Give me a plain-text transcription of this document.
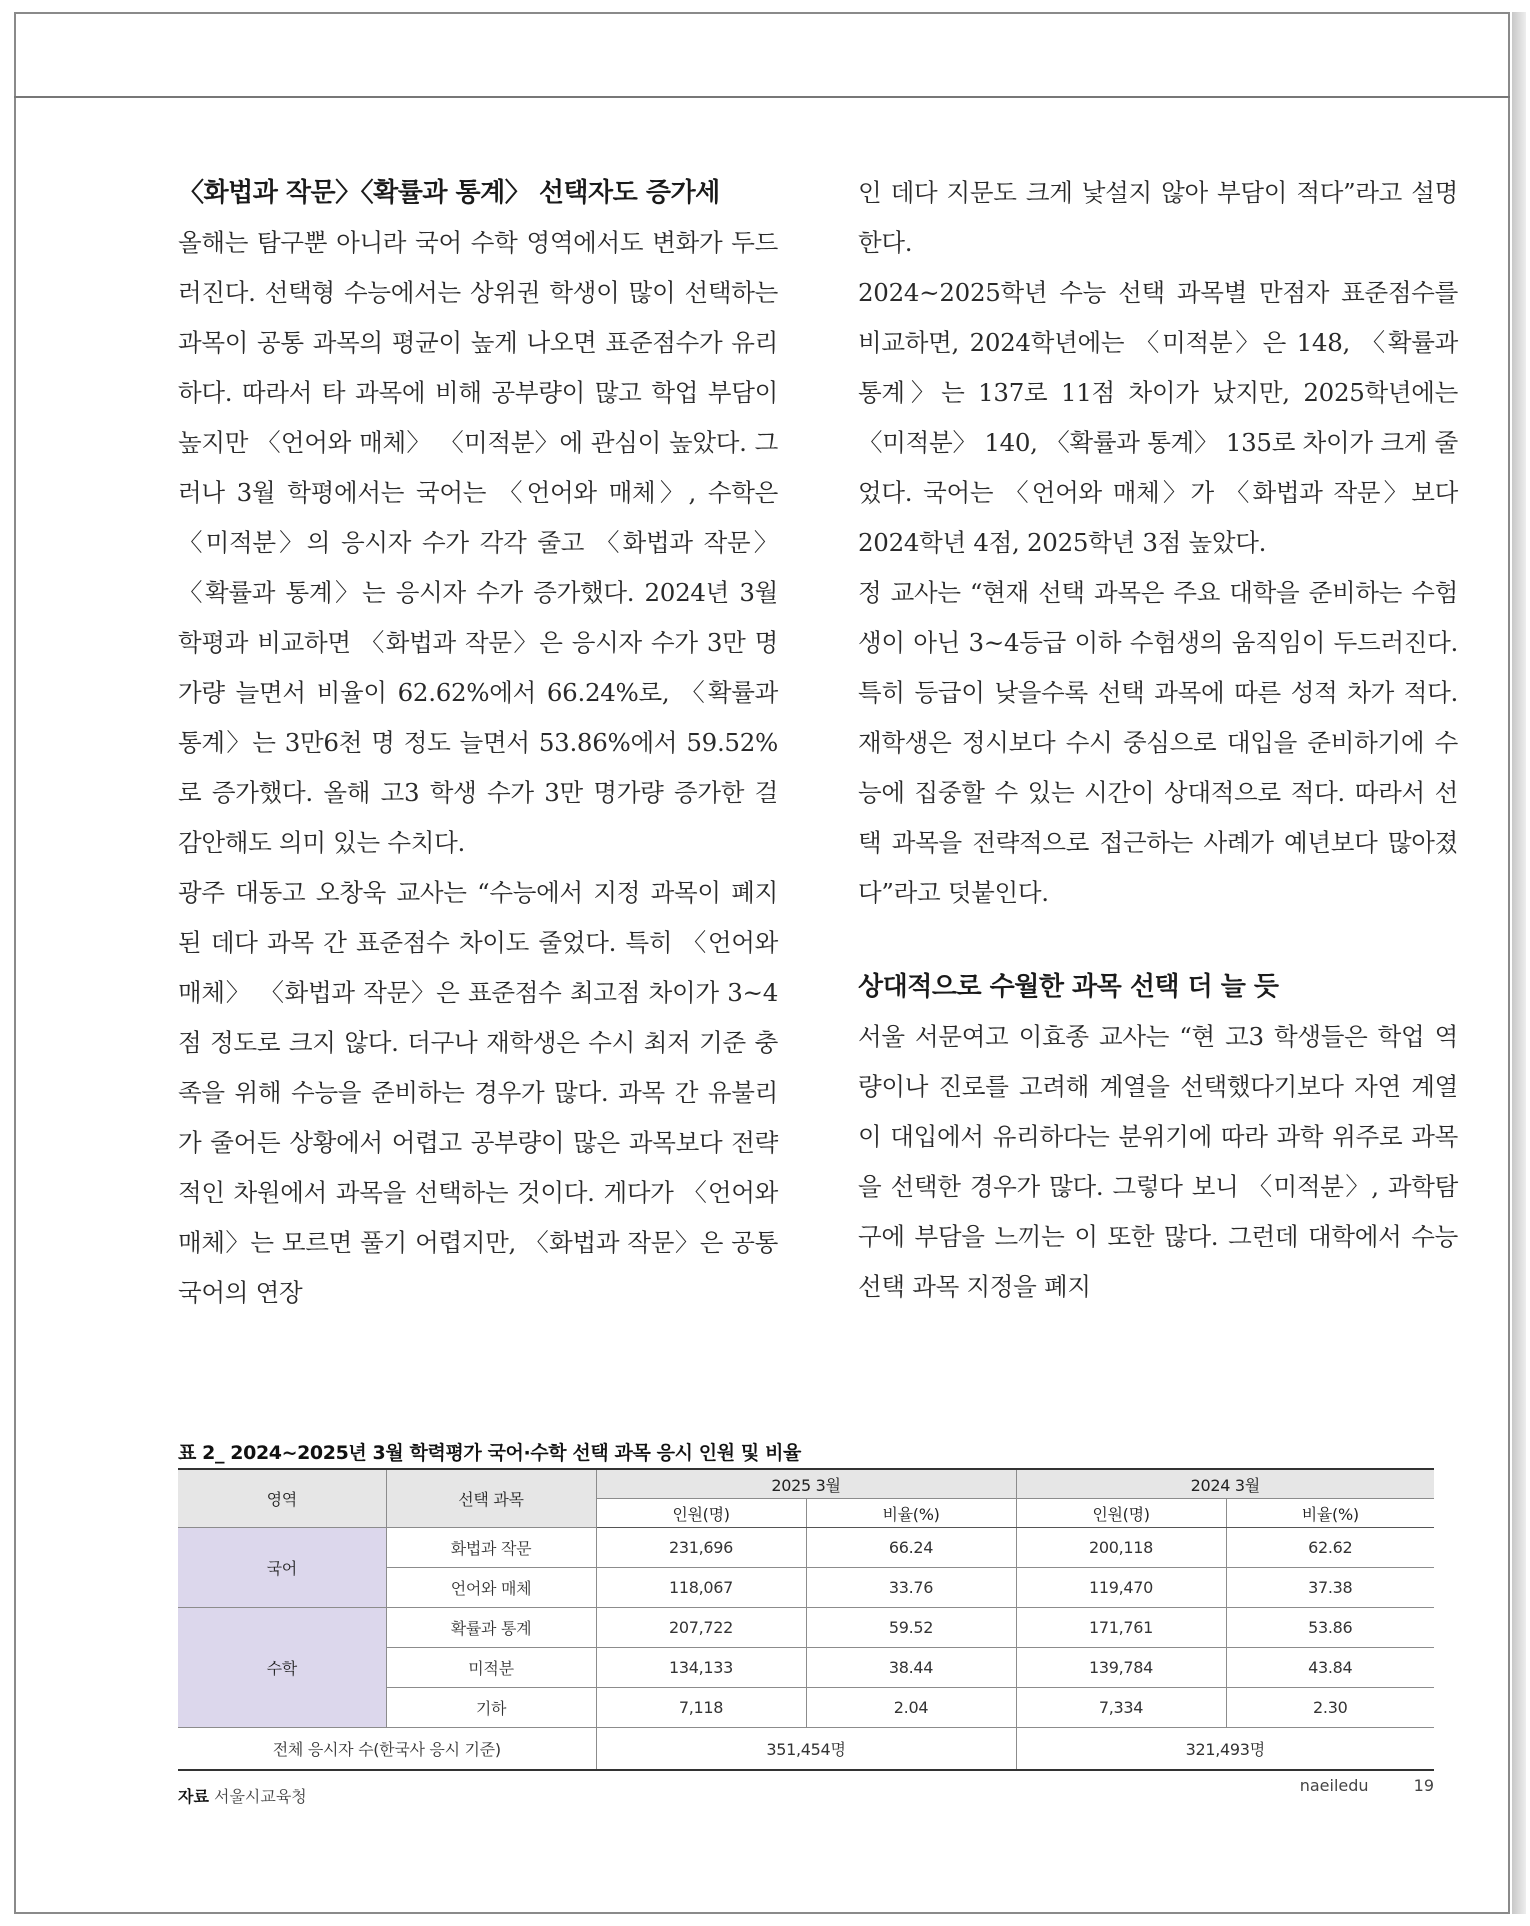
〈화법과 작문〉〈확률과 통계〉 선택자도 증가세

올해는 탐구뿐 아니라 국어 수학 영역에서도 변화가 두드러진다. 선택형 수능에서는 상위권 학생이 많이 선택하는 과목이 공통 과목의 평균이 높게 나오면 표준점수가 유리하다. 따라서 타 과목에 비해 공부량이 많고 학업 부담이 높지만 〈언어와 매체〉 〈미적분〉에 관심이 높았다. 그러나 3월 학평에서는 국어는 〈언어와 매체〉, 수학은 〈미적분〉의 응시자 수가 각각 줄고 〈화법과 작문〉 〈확률과 통계〉는 응시자 수가 증가했다. 2024년 3월 학평과 비교하면 〈화법과 작문〉은 응시자 수가 3만 명가량 늘면서 비율이 62.62%에서 66.24%로, 〈확률과 통계〉는 3만6천 명 정도 늘면서 53.86%에서 59.52%로 증가했다. 올해 고3 학생 수가 3만 명가량 증가한 걸 감안해도 의미 있는 수치다.

광주 대동고 오창욱 교사는 “수능에서 지정 과목이 폐지된 데다 과목 간 표준점수 차이도 줄었다. 특히 〈언어와 매체〉 〈화법과 작문〉은 표준점수 최고점 차이가 3~4점 정도로 크지 않다. 더구나 재학생은 수시 최저 기준 충족을 위해 수능을 준비하는 경우가 많다. 과목 간 유불리가 줄어든 상황에서 어렵고 공부량이 많은 과목보다 전략적인 차원에서 과목을 선택하는 것이다. 게다가 〈언어와 매체〉는 모르면 풀기 어렵지만, 〈화법과 작문〉은 공통 국어의 연장

인 데다 지문도 크게 낯설지 않아 부담이 적다”라고 설명한다.

2024~2025학년 수능 선택 과목별 만점자 표준점수를 비교하면, 2024학년에는 〈미적분〉은 148, 〈확률과 통계〉는 137로 11점 차이가 났지만, 2025학년에는 〈미적분〉 140, 〈확률과 통계〉 135로 차이가 크게 줄었다. 국어는 〈언어와 매체〉가 〈화법과 작문〉보다 2024학년 4점, 2025학년 3점 높았다.

정 교사는 “현재 선택 과목은 주요 대학을 준비하는 수험생이 아닌 3~4등급 이하 수험생의 움직임이 두드러진다. 특히 등급이 낮을수록 선택 과목에 따른 성적 차가 적다. 재학생은 정시보다 수시 중심으로 대입을 준비하기에 수능에 집중할 수 있는 시간이 상대적으로 적다. 따라서 선택 과목을 전략적으로 접근하는 사례가 예년보다 많아졌다”라고 덧붙인다.

상대적으로 수월한 과목 선택 더 늘 듯

서울 서문여고 이효종 교사는 “현 고3 학생들은 학업 역량이나 진로를 고려해 계열을 선택했다기보다 자연 계열이 대입에서 유리하다는 분위기에 따라 과학 위주로 과목을 선택한 경우가 많다. 그렇다 보니 〈미적분〉, 과학탐구에 부담을 느끼는 이 또한 많다. 그런데 대학에서 수능 선택 과목 지정을 폐지

표 2_ 2024~2025년 3월 학력평가 국어·수학 선택 과목 응시 인원 및 비율
영역	선택 과목	2025 3월		2024 3월	
		인원(명)	비율(%)	인원(명)	비율(%)
국어	화법과 작문	231,696	66.24	200,118	62.62
	언어와 매체	118,067	33.76	119,470	37.38
수학	확률과 통계	207,722	59.52	171,761	53.86
	미적분	134,133	38.44	139,784	43.84
	기하	7,118	2.04	7,334	2.30
전체 응시자 수(한국사 응시 기준)		351,454명		321,493명	
자료 서울시교육청
naeiledu	19
